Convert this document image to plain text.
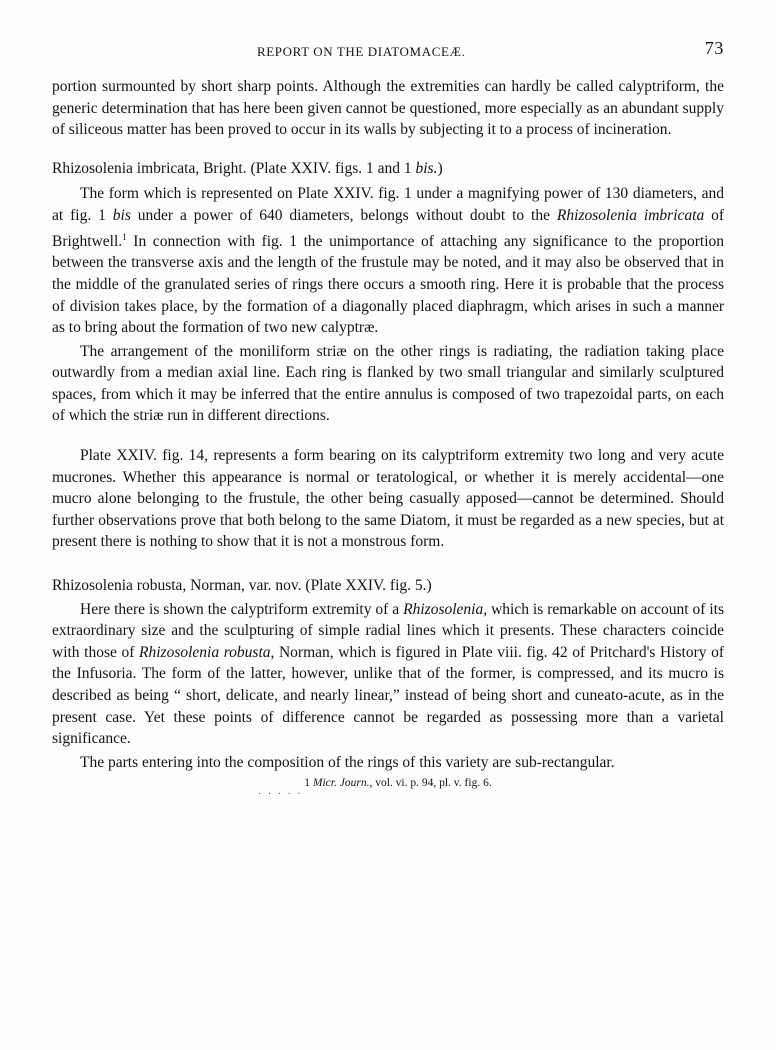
REPORT ON THE DIATOMACEÆ.	73

portion surmounted by short sharp points. Although the extremities can hardly be called calyptriform, the generic determination that has here been given cannot be questioned, more especially as an abundant supply of siliceous matter has been proved to occur in its walls by subjecting it to a process of incineration.

Rhizosolenia imbricata, Bright. (Plate XXIV. figs. 1 and 1 bis.)

The form which is represented on Plate XXIV. fig. 1 under a magnifying power of 130 diameters, and at fig. 1 bis under a power of 640 diameters, belongs without doubt to the Rhizosolenia imbricata of Brightwell.$^1$ In connection with fig. 1 the unimportance of attaching any significance to the proportion between the transverse axis and the length of the frustule may be noted, and it may also be observed that in the middle of the granulated series of rings there occurs a smooth ring. Here it is probable that the process of division takes place, by the formation of a diagonally placed diaphragm, which arises in such a manner as to bring about the formation of two new calyptræ.

The arrangement of the moniliform striæ on the other rings is radiating, the radiation taking place outwardly from a median axial line. Each ring is flanked by two small triangular and similarly sculptured spaces, from which it may be inferred that the entire annulus is composed of two trapezoidal parts, on each of which the striæ run in different directions.

Plate XXIV. fig. 14, represents a form bearing on its calyptriform extremity two long and very acute mucrones. Whether this appearance is normal or teratological, or whether it is merely accidental—one mucro alone belonging to the frustule, the other being casually apposed—cannot be determined. Should further observations prove that both belong to the same Diatom, it must be regarded as a new species, but at present there is nothing to show that it is not a monstrous form.

Rhizosolenia robusta, Norman, var. nov. (Plate XXIV. fig. 5.)

Here there is shown the calyptriform extremity of a Rhizosolenia, which is remarkable on account of its extraordinary size and the sculpturing of simple radial lines which it presents. These characters coincide with those of Rhizosolenia robusta, Norman, which is figured in Plate viii. fig. 42 of Pritchard's History of the Infusoria. The form of the latter, however, unlike that of the former, is compressed, and its mucro is described as being “ short, delicate, and nearly linear,” instead of being short and cuneato-acute, as in the present case. Yet these points of difference cannot be regarded as possessing more than a varietal significance.

The parts entering into the composition of the rings of this variety are sub-rectangular.

1 Micr. Journ., vol. vi. p. 94, pl. v. fig. 6.
· · · · ·
